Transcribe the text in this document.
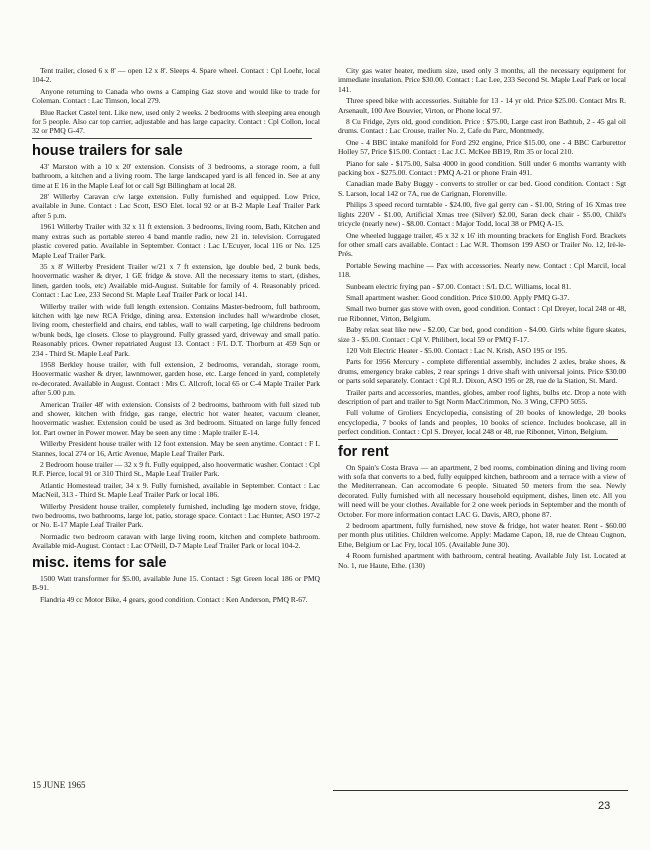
Tent trailer, closed 6 x 8' — open 12 x 8'. Sleeps 4. Spare wheel. Contact : Cpl Loehr, local 104-2.

Anyone returning to Canada who owns a Camping Gaz stove and would like to trade for Coleman. Contact : Lac Timson, local 279.

Blue Racket Castel tent. Like new, used only 2 weeks. 2 bedrooms with sleeping area enough for 5 people. Also car top carrier, adjustable and has large capacity. Contact : Cpl Collon, local 32 or PMQ G-47.

house trailers for sale

43' Marston with a 10 x 20' extension. Consists of 3 bedrooms, a storage room, a full bathroom, a kitchen and a living room. The large landscaped yard is all fenced in. See at any time at E 16 in the Maple Leaf lot or call Sgt Billingham at local 28.

28' Willerby Caravan c/w large extension. Fully furnished and equipped. Low Price, available in June. Contact : Lac Scott, ESO Elet. local 92 or at B-2 Maple Leaf Trailer Park after 5 p.m.

1961 Willerby Trailer with 32 x 11 ft extension. 3 bedrooms, living room, Bath, Kitchen and many extras such as portable stereo 4 band mantle radio, new 21 in. television. Corrugated plastic covered patio. Available in September. Contact : Lac L'Ecuyer, local 116 or No. 125 Maple Leaf Trailer Park.

35 x 8' Willerby President Trailer w/21 x 7 ft extension, lge double bed, 2 bunk beds, hoovermatic washer & dryer, 1 GE fridge & stove. All the necessary items to start, (dishes, linen, garden tools, etc) Available mid-August. Suitable for family of 4. Reasonably priced. Contact : Lac Lee, 233 Second St. Maple Leaf Trailer Park or local 141.

Willerby trailer with wide full length extension. Contains Master-bedroom, full bathroom, kitchen with lge new RCA Fridge, dining area. Extension includes hall w/wardrobe closet, living room, chesterfield and chairs, end tables, wall to wall carpeting, lge childrens bedroom w/bunk beds, lge closets. Close to playground. Fully grassed yard, driveway and small patio. Reasonably prices. Owner repatriated August 13. Contact : F/L D.T. Thorburn at 459 Sqn or 234 - Third St. Maple Leaf Park.

1958 Berkley house trailer, with full extension, 2 bedrooms, verandah, storage room, Hoovermatic washer & dryer, lawnmower, garden hose, etc. Large fenced in yard, completely re-decorated. Available in August. Contact : Mrs C. Allcroft, local 65 or C-4 Maple Trailer Park after 5.00 p.m.

American Trailer 48' with extension. Consists of 2 bedrooms, bathroom with full sized tub and shower, kitchen with fridge, gas range, electric hot water heater, vacuum cleaner, hoovermatic washer. Extension could be used as 3rd bedroom. Situated on large fully fenced lot. Part owner in Power mower. May be seen any time : Maple trailer E-14.

Willerby President house trailer with 12 foot extension. May be seen anytime. Contact : F L Stannes, local 274 or 16, Artic Avenue, Maple Leaf Trailer Park.

2 Bedroom house trailer — 32 x 9 ft. Fully equipped, also hoovermatic washer. Contact : Cpl R.F. Pierce, local 91 or 310 Third St., Maple Leaf Trailer Park.

Atlantic Homestead trailer, 34 x 9. Fully furnished, available in September. Contact : Lac MacNeil, 313 - Third St. Maple Leaf Trailer Park or local 186.

Willerby President house trailer, completely furnished, including lge modern stove, fridge, two bedrooms, two bathrooms, large lot, patio, storage space. Contact : Lac Hunter, ASO 197-2 or No. E-17 Maple Leaf Trailer Park.

Normadic two bedroom caravan with large living room, kitchen and complete bathroom. Available mid-August. Contact : Lac O'Neill, D-7 Maple Leaf Trailer Park or local 104-2.

misc. items for sale

1500 Watt transformer for $5.00, available June 15. Contact : Sgt Green local 186 or PMQ B-91.

Flandria 49 cc Motor Bike, 4 gears, good condition. Contact : Ken Anderson, PMQ R-67.

City gas water heater, medium size, used only 3 months, all the necessary equipment for immediate insulation. Price $30.00. Contact : Lac Lee, 233 Second St. Maple Leaf Park or local 141.

Three speed bike with accessories. Suitable for 13 - 14 yr old. Price $25.00. Contact Mrs R. Arsenault, 100 Ave Bouvier, Virton, or Phone local 97.

8 Cu Fridge, 2yrs old, good condition. Price : $75.00, Large cast iron Bathtub, 2 - 45 gal oil drums. Contact : Lac Crouse, trailer No. 2, Cafe du Parc, Montmedy.

One - 4 BBC intake manifold for Ford 292 engine, Price $15.00, one - 4 BBC Carburettor Holley 57, Price $15.00. Contact : Lac J.C. McKee BB19, Rm 35 or local 210.

Piano for sale - $175.00, Salsa 4000 in good condition. Still under 6 months warranty with packing box - $275.00. Contact : PMQ A-21 or phone Frain 491.

Canadian made Baby Buggy - converts to stroller or car bed. Good condition. Contact : Sgt S. Larson, local 142 or 7A, rue de Carignan, Florenville.

Philips 3 speed record turntable - $24.00, five gal gerry can - $1.00, String of 16 Xmas tree lights 220V - $1.00, Artificial Xmas tree (Silver) $2.00, Saran deck chair - $5.00, Child's tricycle (nearly new) - $8.00. Contact : Major Todd, local 38 or PMQ A-15.

One wheeled luggage trailer, 45 x 32 x 16' ith mounting brackets for English Ford. Brackets for other small cars available. Contact : Lac W.R. Thomson 199 ASO or Trailer No. 12, Irè-le-Prés.

Portable Sewing machine — Pax with accessories. Nearly new. Contact : Cpl Marcil, local 118.

Sunbeam electric frying pan - $7.00. Contact : S/L D.C. Williams, local 81.

Small apartment washer. Good condition. Price $10.00. Apply PMQ G-37.

Small two burner gas stove with oven, good condition. Contact : Cpl Dreyer, local 248 or 48, rue Ribonnet, Virton, Belgium.

Baby relax seat like new - $2.00, Car bed, good condition - $4.00. Girls white figure skates, size 3 - $5.00. Contact : Cpl V. Philibert, local 59 or PMQ F-17.

120 Volt Electric Heater - $5.00. Contact : Lac N. Krish, ASO 195 or 195.

Parts for 1956 Mercury - complete differential assembly, includes 2 axles, brake shoes, & drums, emergency brake cables, 2 rear springs 1 drive shaft with universal joints. Price $30.00 or parts sold separately. Contact : Cpl R.J. Dixon, ASO 195 or 28, rue de la Station, St. Mard.

Trailer parts and accessories, mantles, globes, amber roof lights, bulbs etc. Drop a note with description of part and trailer to Sgt Norm MacCrimmon, No. 3 Wing, CFPO 5055.

Full volume of Groliers Encyclopedia, consisting of 20 books of knowledge, 20 books encyclopedia, 7 books of lands and peoples, 10 books of science. Includes bookcase, all in perfect condition. Contact : Cpl S. Dreyer, local 248 or 48, rue Ribonnet, Virton, Belgium.

for rent

On Spain's Costa Brava — an apartment, 2 bed rooms, combination dining and living room with sofa that converts to a bed, fully equipped kitchen, bathroom and a terrace with a view of the Mediterranean. Can accomodate 6 people. Situated 50 meters from the sea. Newly decorated. Fully furnished with all necessary household equipment, dishes, linen etc. All you will need will be your clothes. Available for 2 one week periods in September and the month of October. For more information contact LAC G. Davis, ARO, phone 87.

2 bedroom apartment, fully furnished, new stove & fridge, hot water heater. Rent - $60.00 per month plus utilities. Children welcome. Apply: Madame Capon, 18, rue de Chteau Cugnon, Ethe, Belgium or Lac Fry, local 105. (Available June 30).

4 Room furnished apartment with bathroom, central heating. Available July 1st. Located at No. 1, rue Haute, Ethe. (130)

15 JUNE 1965
23
